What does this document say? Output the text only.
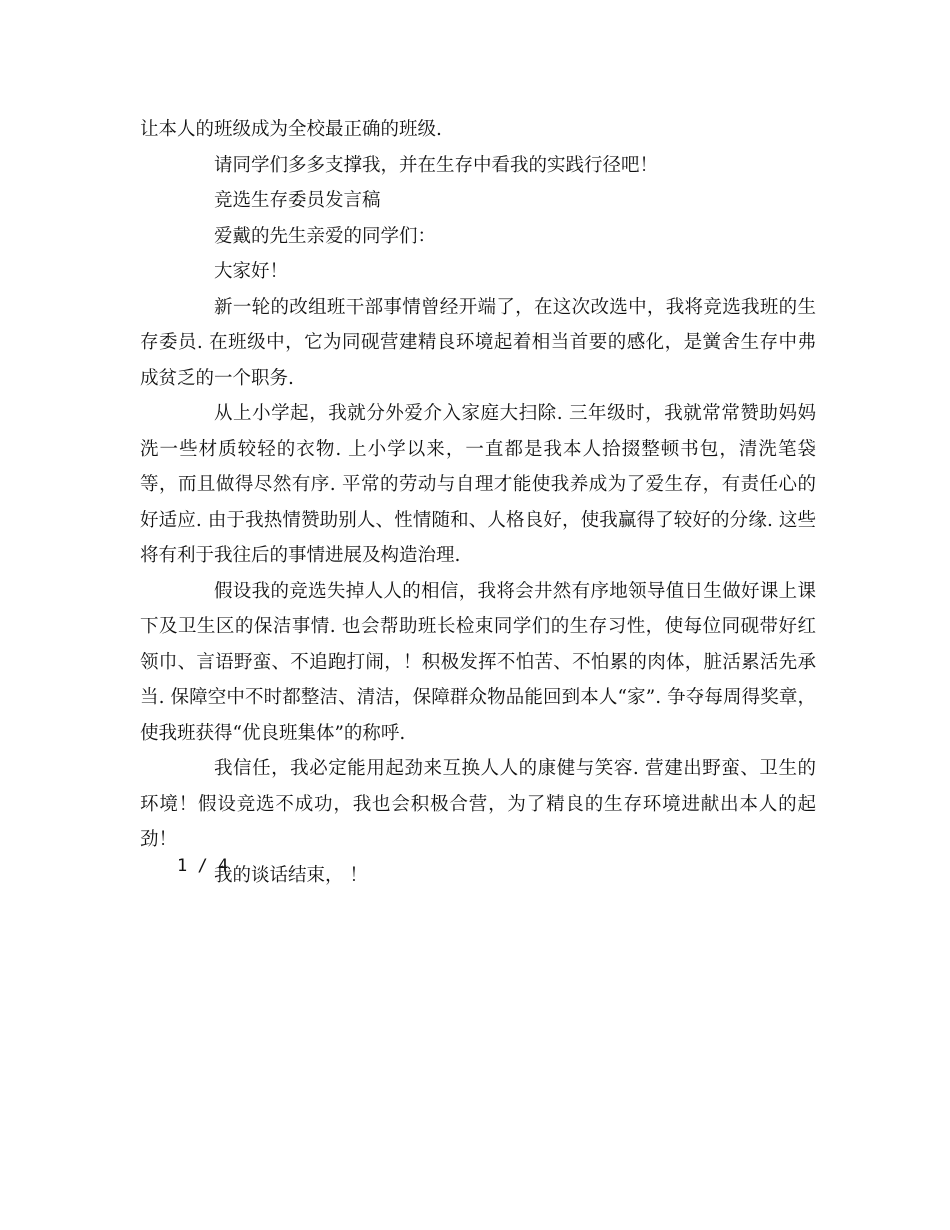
让本人的班级成为全校最正确的班级.

请同学们多多支撑我，并在生存中看我的实践行径吧！

竞选生存委员发言稿

爱戴的先生亲爱的同学们：

大家好！

新一轮的改组班干部事情曾经开端了，在这次改选中，我将竞选我班的生存委员. 在班级中，它为同砚营建精良环境起着相当首要的感化，是黉舍生存中弗成贫乏的一个职务.

从上小学起，我就分外爱介入家庭大扫除. 三年级时，我就常常赞助妈妈洗一些材质较轻的衣物. 上小学以来，一直都是我本人拾掇整顿书包，清洗笔袋等，而且做得尽然有序. 平常的劳动与自理才能使我养成为了爱生存，有责任心的好适应. 由于我热情赞助别人、性情随和、人格良好，使我赢得了较好的分缘. 这些将有利于我往后的事情进展及构造治理.

假设我的竞选失掉人人的相信，我将会井然有序地领导值日生做好课上课下及卫生区的保洁事情. 也会帮助班长检束同学们的生存习性，使每位同砚带好红领巾、言语野蛮、不追跑打闹，！积极发挥不怕苦、不怕累的肉体，脏活累活先承当. 保障空中不时都整洁、清洁，保障群众物品能回到本人“家”. 争夺每周得奖章，使我班获得“优良班集体”的称呼.

我信任，我必定能用起劲来互换人人的康健与笑容. 营建出野蛮、卫生的环境！假设竞选不成功，我也会积极合营，为了精良的生存环境进献出本人的起劲！

我的谈话结束， ！

1 / 4
